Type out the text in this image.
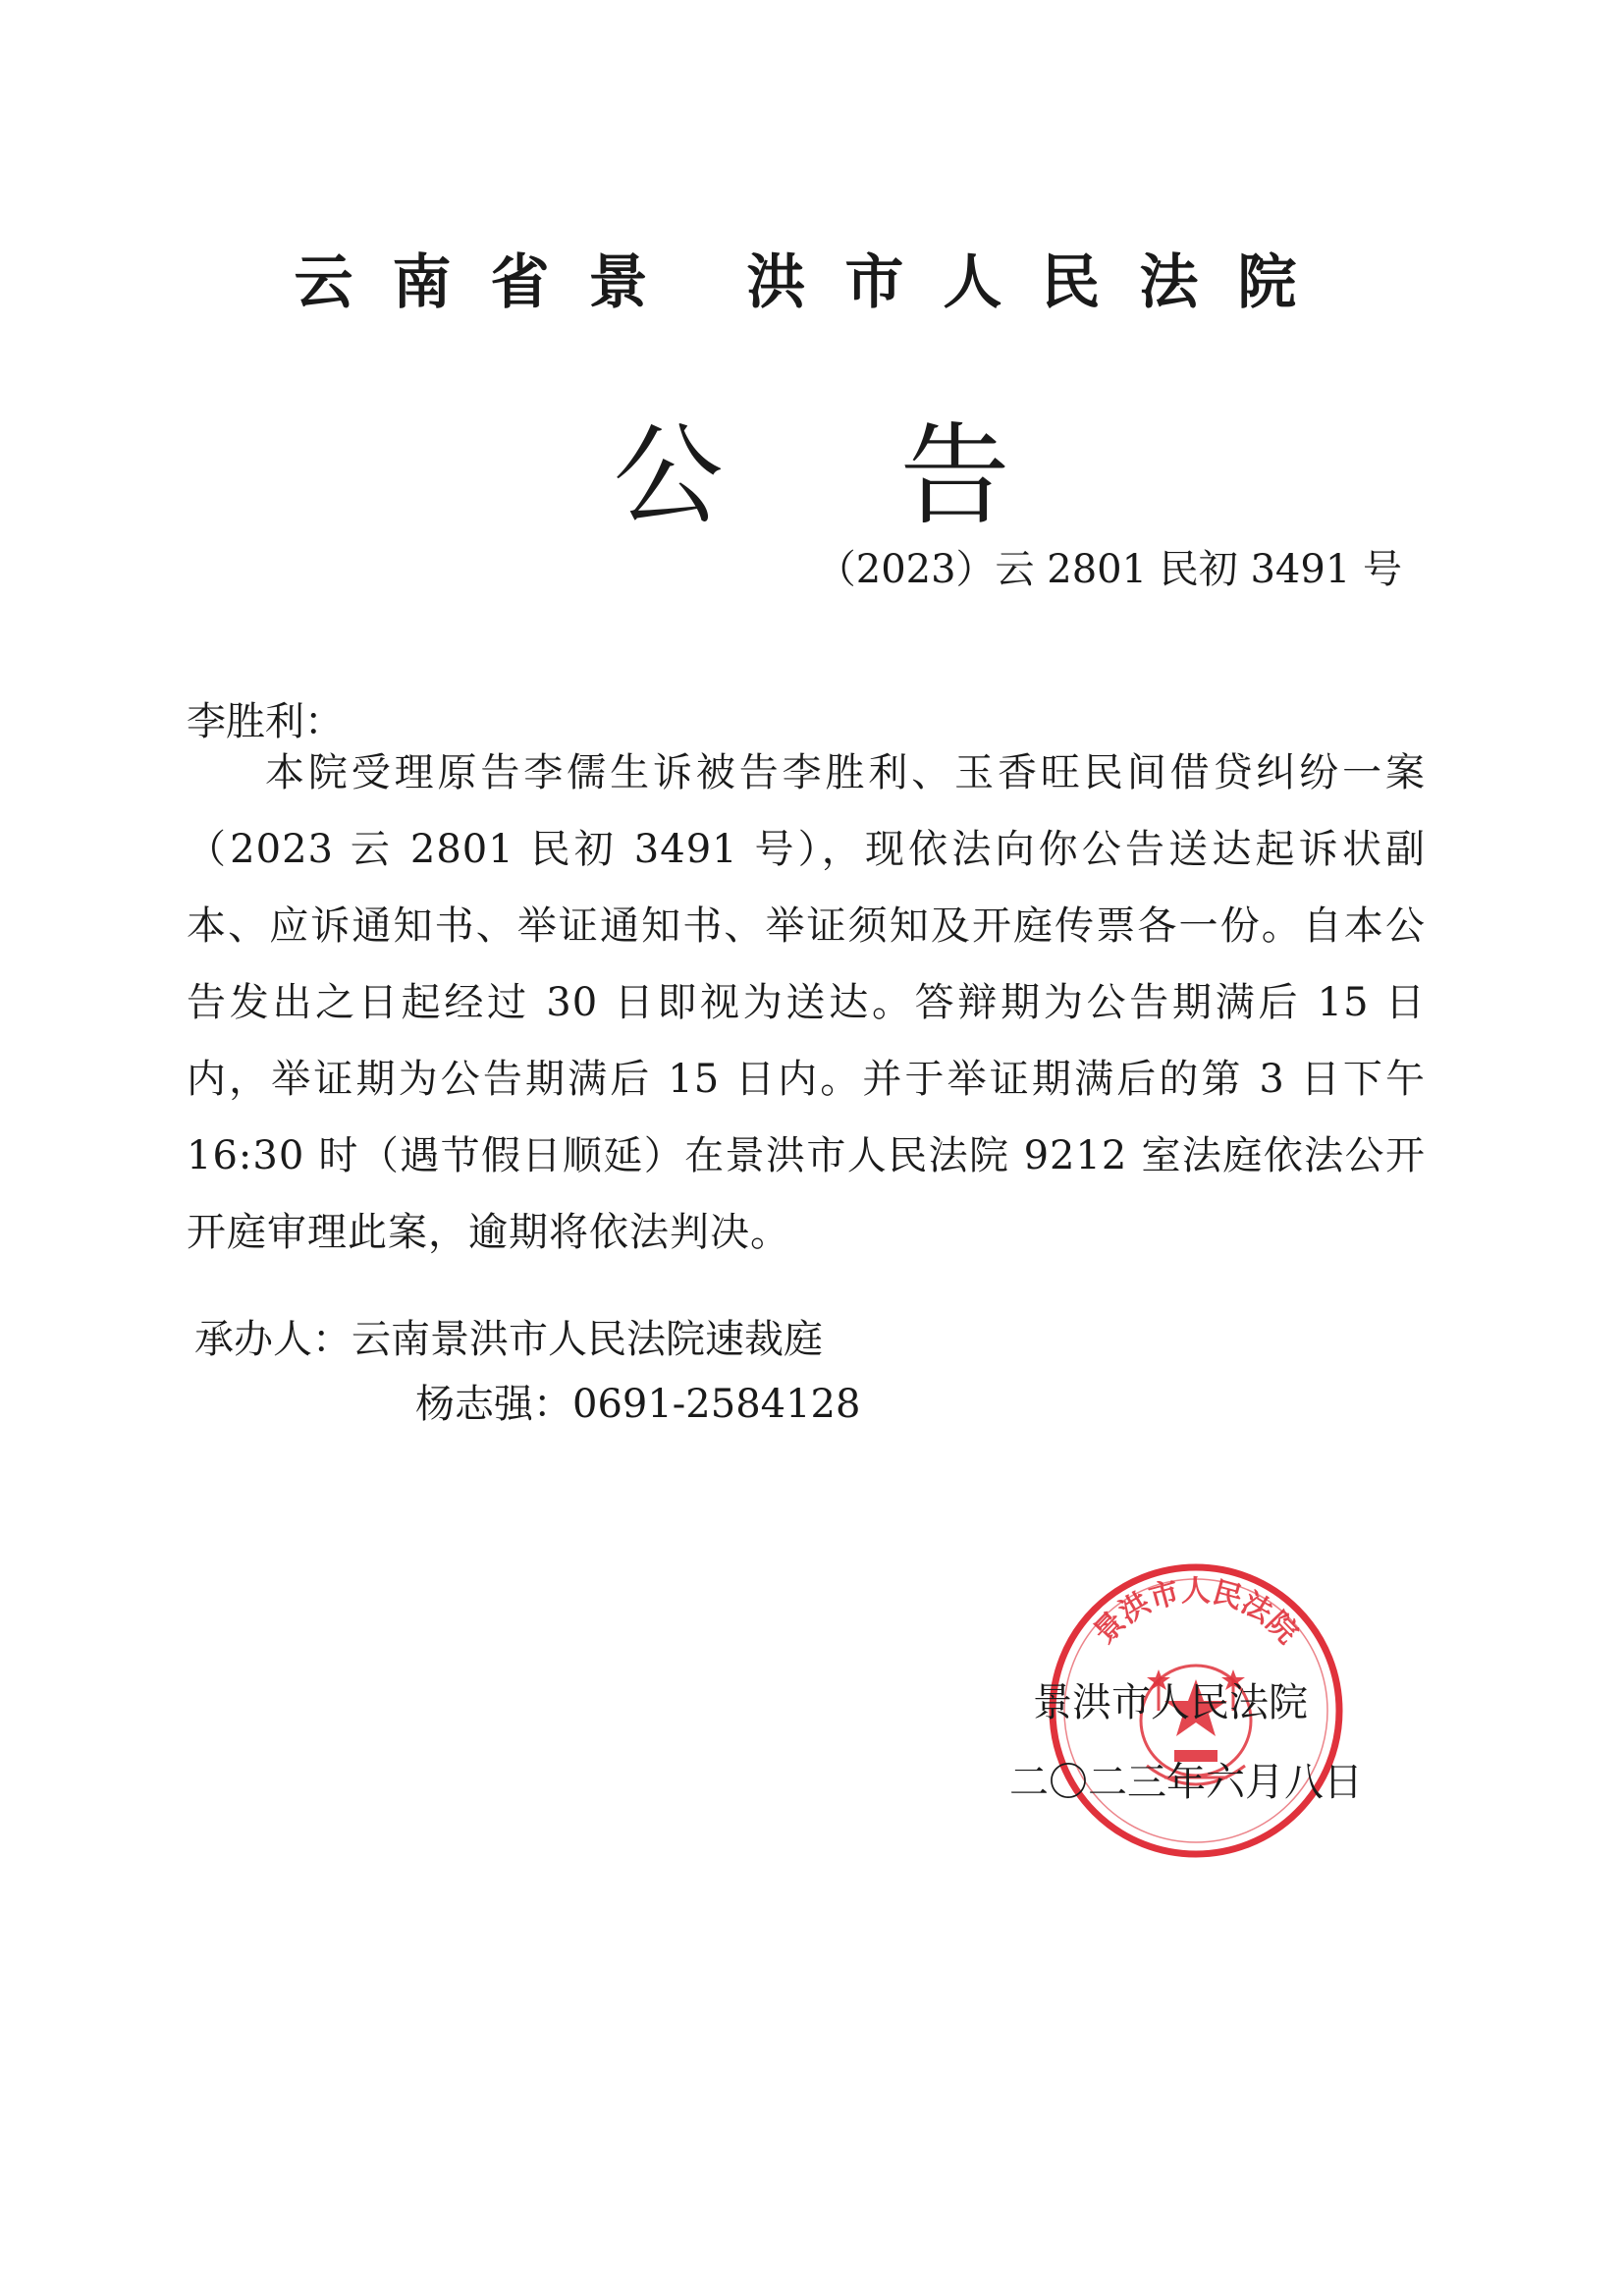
云南省景 洪市人民法院
公告
（2023）云 2801 民初 3491 号
李胜利：
本院受理原告李儒生诉被告李胜利、玉香旺民间借贷纠纷一案（2023 云 2801 民初 3491 号），现依法向你公告送达起诉状副本、应诉通知书、举证通知书、举证须知及开庭传票各一份。自本公告发出之日起经过 30 日即视为送达。答辩期为公告期满后 15 日内，举证期为公告期满后 15 日内。并于举证期满后的第 3 日下午 16:30 时（遇节假日顺延）在景洪市人民法院 9212 室法庭依法公开开庭审理此案，逾期将依法判决。
承办人：云南景洪市人民法院速裁庭
杨志强：0691-2584128
景洪市人民法院
景洪市人民法院
二〇二三年六月八日
